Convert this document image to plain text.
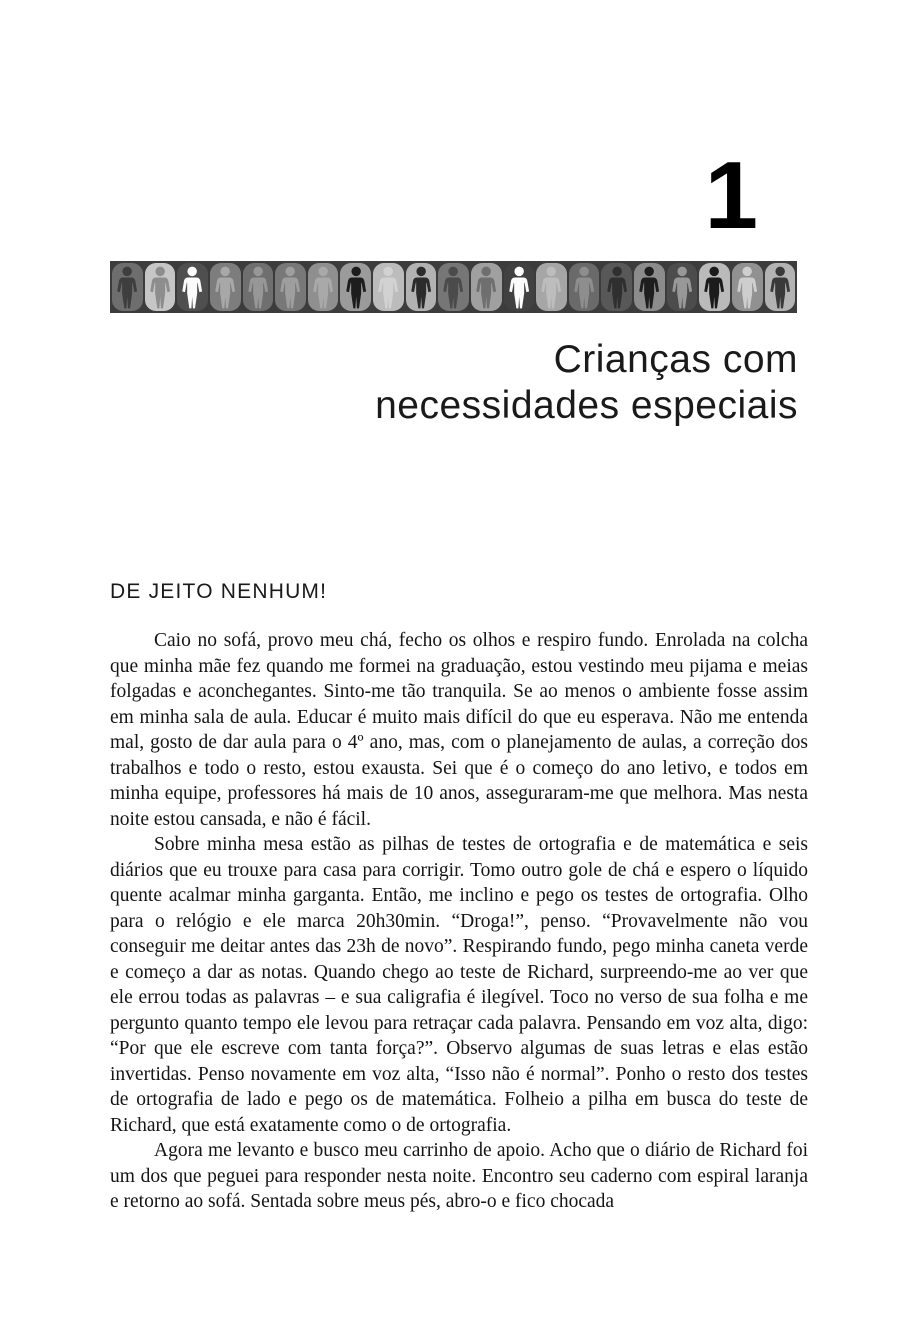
1
Crianças com
necessidades especiais
DE JEITO NENHUM!

Caio no sofá, provo meu chá, fecho os olhos e respiro fundo. Enrolada na colcha que minha mãe fez quando me formei na graduação, estou vestindo meu pijama e meias folgadas e aconchegantes. Sinto-me tão tranquila. Se ao menos o ambiente fosse assim em minha sala de aula. Educar é muito mais difícil do que eu esperava. Não me entenda mal, gosto de dar aula para o 4º ano, mas, com o planejamento de aulas, a correção dos trabalhos e todo o resto, estou exausta. Sei que é o começo do ano letivo, e todos em minha equipe, professores há mais de 10 anos, asseguraram-me que melhora. Mas nesta noite estou cansada, e não é fácil.

Sobre minha mesa estão as pilhas de testes de ortografia e de matemática e seis diários que eu trouxe para casa para corrigir. Tomo outro gole de chá e espero o líquido quente acalmar minha garganta. Então, me inclino e pego os testes de ortografia. Olho para o relógio e ele marca 20h30min. “Droga!”, penso. “Provavelmente não vou conseguir me deitar antes das 23h de novo”. Respirando fundo, pego minha caneta verde e começo a dar as notas. Quando chego ao teste de Richard, surpreendo-me ao ver que ele errou todas as palavras – e sua caligrafia é ilegível. Toco no verso de sua folha e me pergunto quanto tempo ele levou para retraçar cada palavra. Pensando em voz alta, digo: “Por que ele escreve com tanta força?”. Observo algumas de suas letras e elas estão invertidas. Penso novamente em voz alta, “Isso não é normal”. Ponho o resto dos testes de ortografia de lado e pego os de matemática. Folheio a pilha em busca do teste de Richard, que está exatamente como o de ortografia.

Agora me levanto e busco meu carrinho de apoio. Acho que o diário de Richard foi um dos que peguei para responder nesta noite. Encontro seu caderno com espiral laranja e retorno ao sofá. Sentada sobre meus pés, abro-o e fico chocada
